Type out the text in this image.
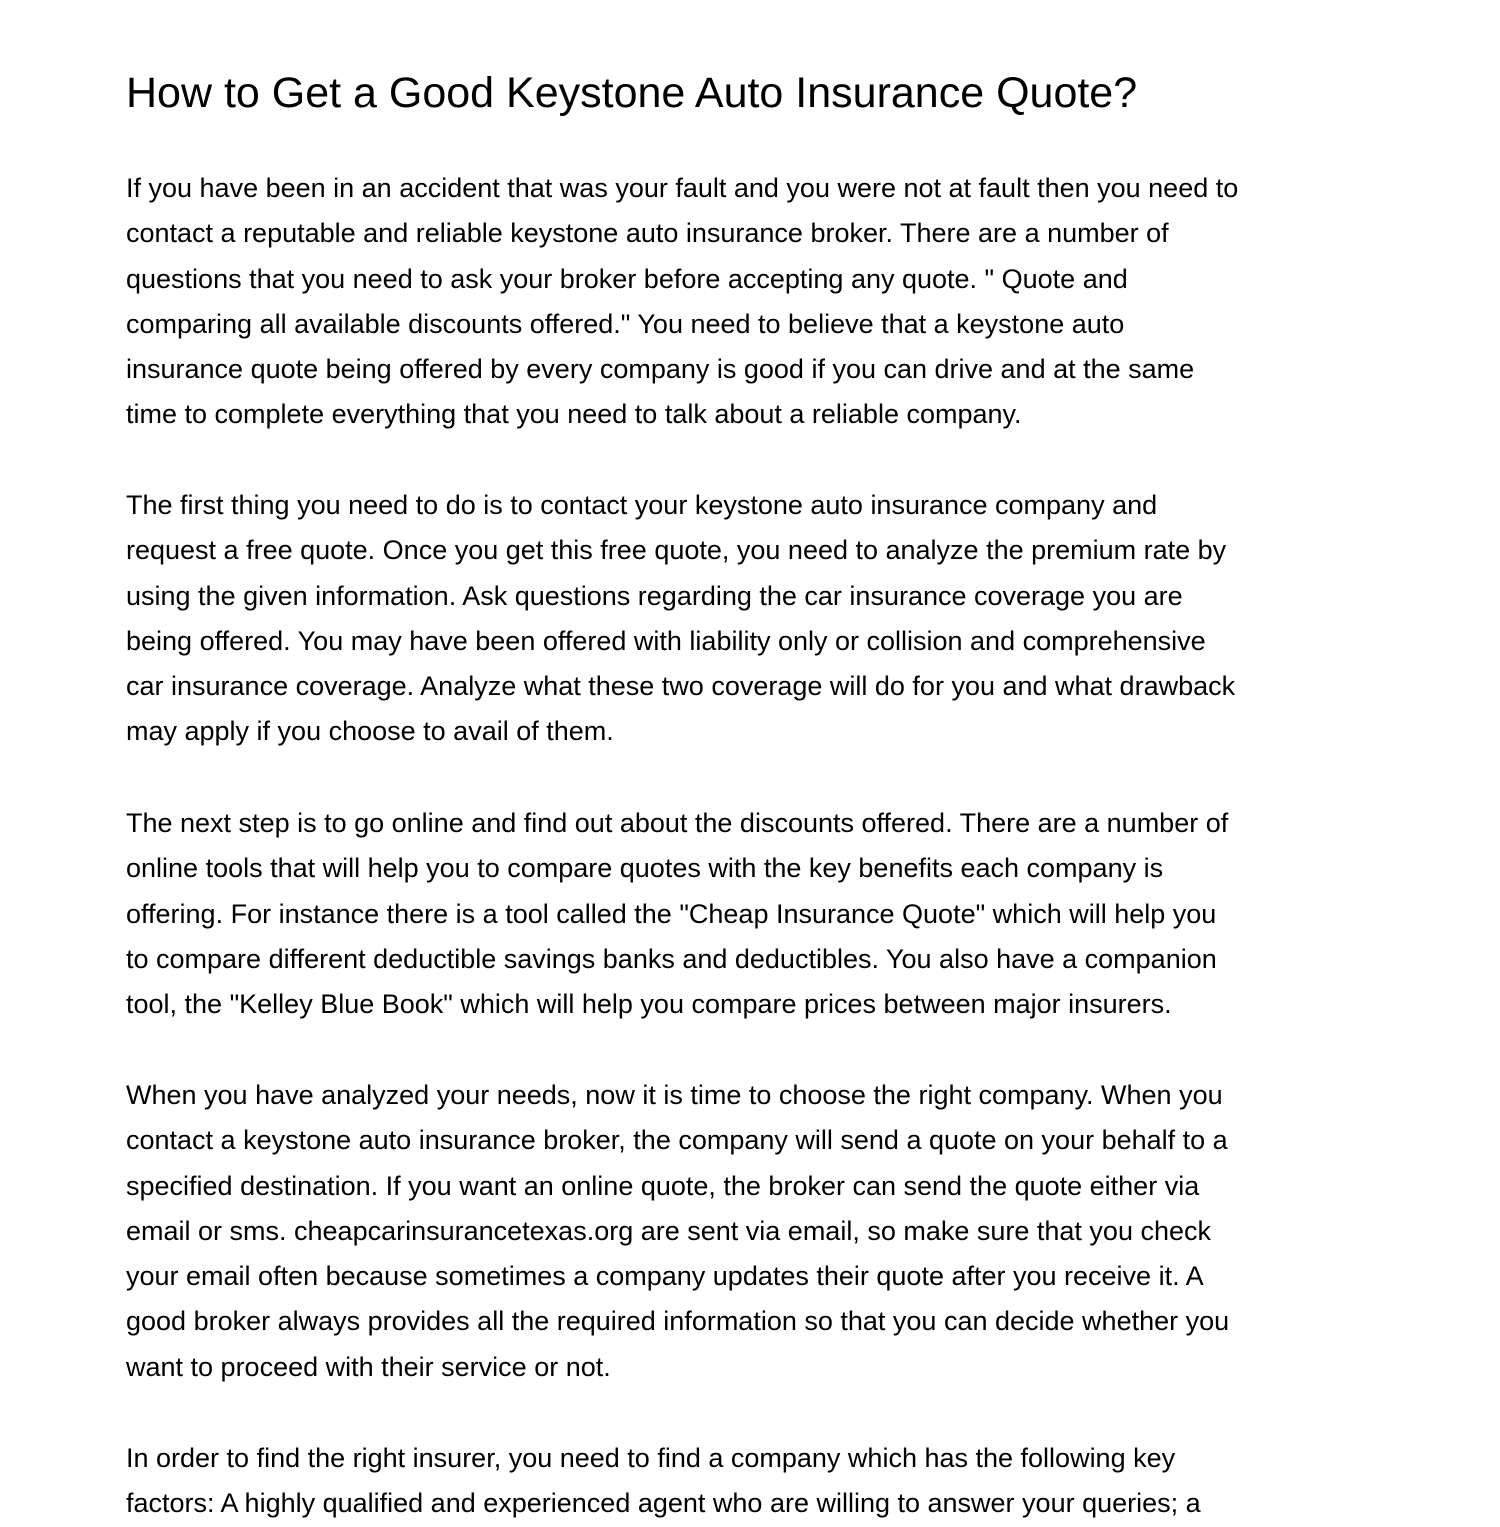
How to Get a Good Keystone Auto Insurance Quote?

If you have been in an accident that was your fault and you were not at fault then you need to
contact a reputable and reliable keystone auto insurance broker. There are a number of
questions that you need to ask your broker before accepting any quote. " Quote and
comparing all available discounts offered." You need to believe that a keystone auto
insurance quote being offered by every company is good if you can drive and at the same
time to complete everything that you need to talk about a reliable company.

The first thing you need to do is to contact your keystone auto insurance company and
request a free quote. Once you get this free quote, you need to analyze the premium rate by
using the given information. Ask questions regarding the car insurance coverage you are
being offered. You may have been offered with liability only or collision and comprehensive
car insurance coverage. Analyze what these two coverage will do for you and what drawback
may apply if you choose to avail of them.

The next step is to go online and find out about the discounts offered. There are a number of
online tools that will help you to compare quotes with the key benefits each company is
offering. For instance there is a tool called the "Cheap Insurance Quote" which will help you
to compare different deductible savings banks and deductibles. You also have a companion
tool, the "Kelley Blue Book" which will help you compare prices between major insurers.

When you have analyzed your needs, now it is time to choose the right company. When you
contact a keystone auto insurance broker, the company will send a quote on your behalf to a
specified destination. If you want an online quote, the broker can send the quote either via
email or sms. cheapcarinsurancetexas.org are sent via email, so make sure that you check
your email often because sometimes a company updates their quote after you receive it. A
good broker always provides all the required information so that you can decide whether you
want to proceed with their service or not.

In order to find the right insurer, you need to find a company which has the following key
factors: A highly qualified and experienced agent who are willing to answer your queries; a
